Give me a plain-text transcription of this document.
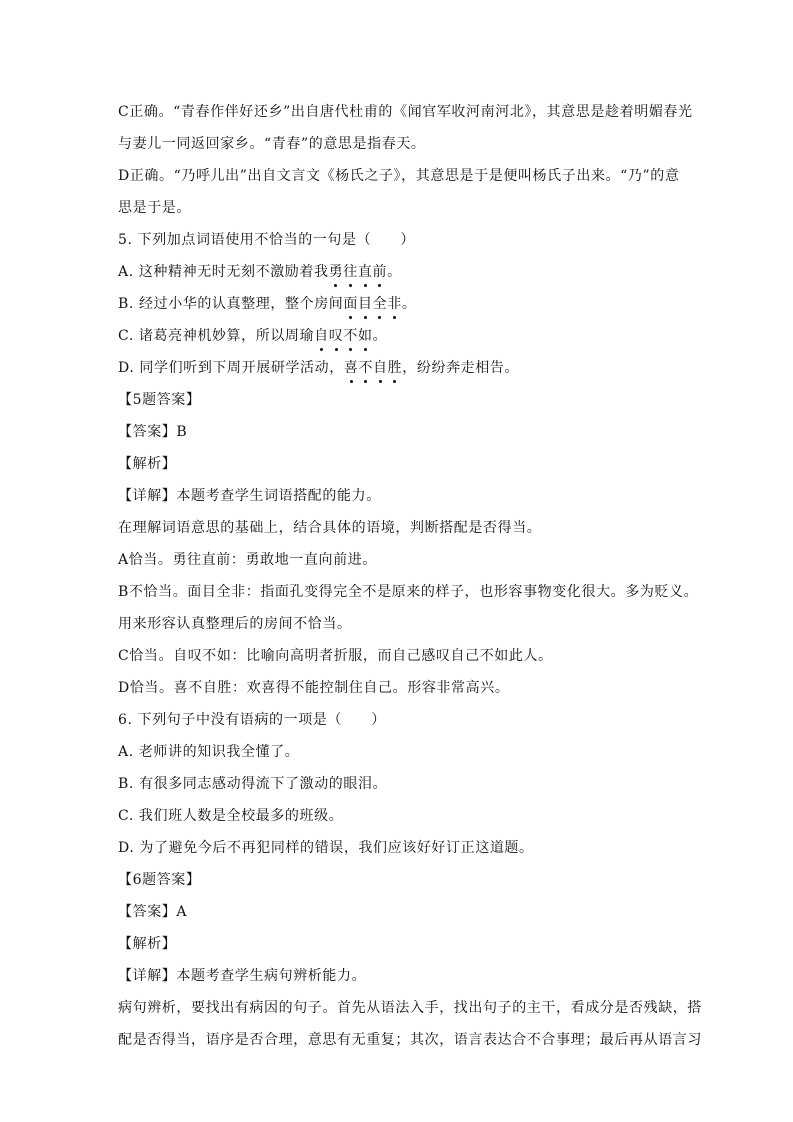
C正确。“青春作伴好还乡”出自唐代杜甫的《闻官军收河南河北》，其意思是趁着明媚春光
与妻儿一同返回家乡。“青春”的意思是指春天。
D正确。“乃呼儿出”出自文言文《杨氏之子》，其意思是于是便叫杨氏子出来。“乃”的意
思是于是。
5. 下列加点词语使用不恰当的一句是（　　）
A. 这种精神无时无刻不激励着我勇往直前。
B. 经过小华的认真整理，整个房间面目全非。
C. 诸葛亮神机妙算，所以周瑜自叹不如。
D. 同学们听到下周开展研学活动，喜不自胜，纷纷奔走相告。
【5题答案】
【答案】B
【解析】
【详解】本题考查学生词语搭配的能力。
在理解词语意思的基础上，结合具体的语境，判断搭配是否得当。
A恰当。勇往直前：勇敢地一直向前进。
B不恰当。面目全非：指面孔变得完全不是原来的样子，也形容事物变化很大。多为贬义。
用来形容认真整理后的房间不恰当。
C恰当。自叹不如：比喻向高明者折服，而自己感叹自己不如此人。
D恰当。喜不自胜：欢喜得不能控制住自己。形容非常高兴。
6. 下列句子中没有语病的一项是（　　）
A. 老师讲的知识我全懂了。
B. 有很多同志感动得流下了激动的眼泪。
C. 我们班人数是全校最多的班级。
D. 为了避免今后不再犯同样的错误，我们应该好好订正这道题。
【6题答案】
【答案】A
【解析】
【详解】本题考查学生病句辨析能力。
病句辨析，要找出有病因的句子。首先从语法入手，找出句子的主干，看成分是否残缺，搭
配是否得当，语序是否合理，意思有无重复；其次，语言表达合不合事理；最后再从语言习
